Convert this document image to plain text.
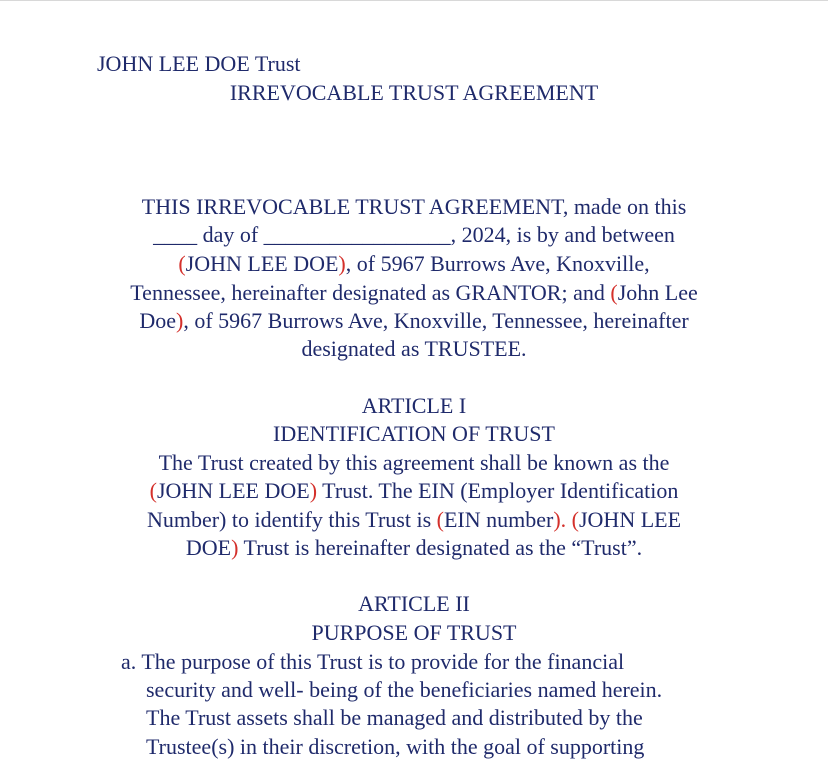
JOHN LEE DOE Trust
IRREVOCABLE TRUST AGREEMENT
THIS IRREVOCABLE TRUST AGREEMENT, made on this
____ day of _________________, 2024, is by and between
(JOHN LEE DOE), of 5967 Burrows Ave, Knoxville,
Tennessee, hereinafter designated as GRANTOR; and (John Lee
Doe), of 5967 Burrows Ave, Knoxville, Tennessee, hereinafter
designated as TRUSTEE.
ARTICLE I
IDENTIFICATION OF TRUST
The Trust created by this agreement shall be known as the
(JOHN LEE DOE) Trust. The EIN (Employer Identification
Number) to identify this Trust is (EIN number). (JOHN LEE
DOE) Trust is hereinafter designated as the “Trust”.
ARTICLE II
PURPOSE OF TRUST
a. The purpose of this Trust is to provide for the financial
security and well- being of the beneficiaries named herein.
The Trust assets shall be managed and distributed by the
Trustee(s) in their discretion, with the goal of supporting
